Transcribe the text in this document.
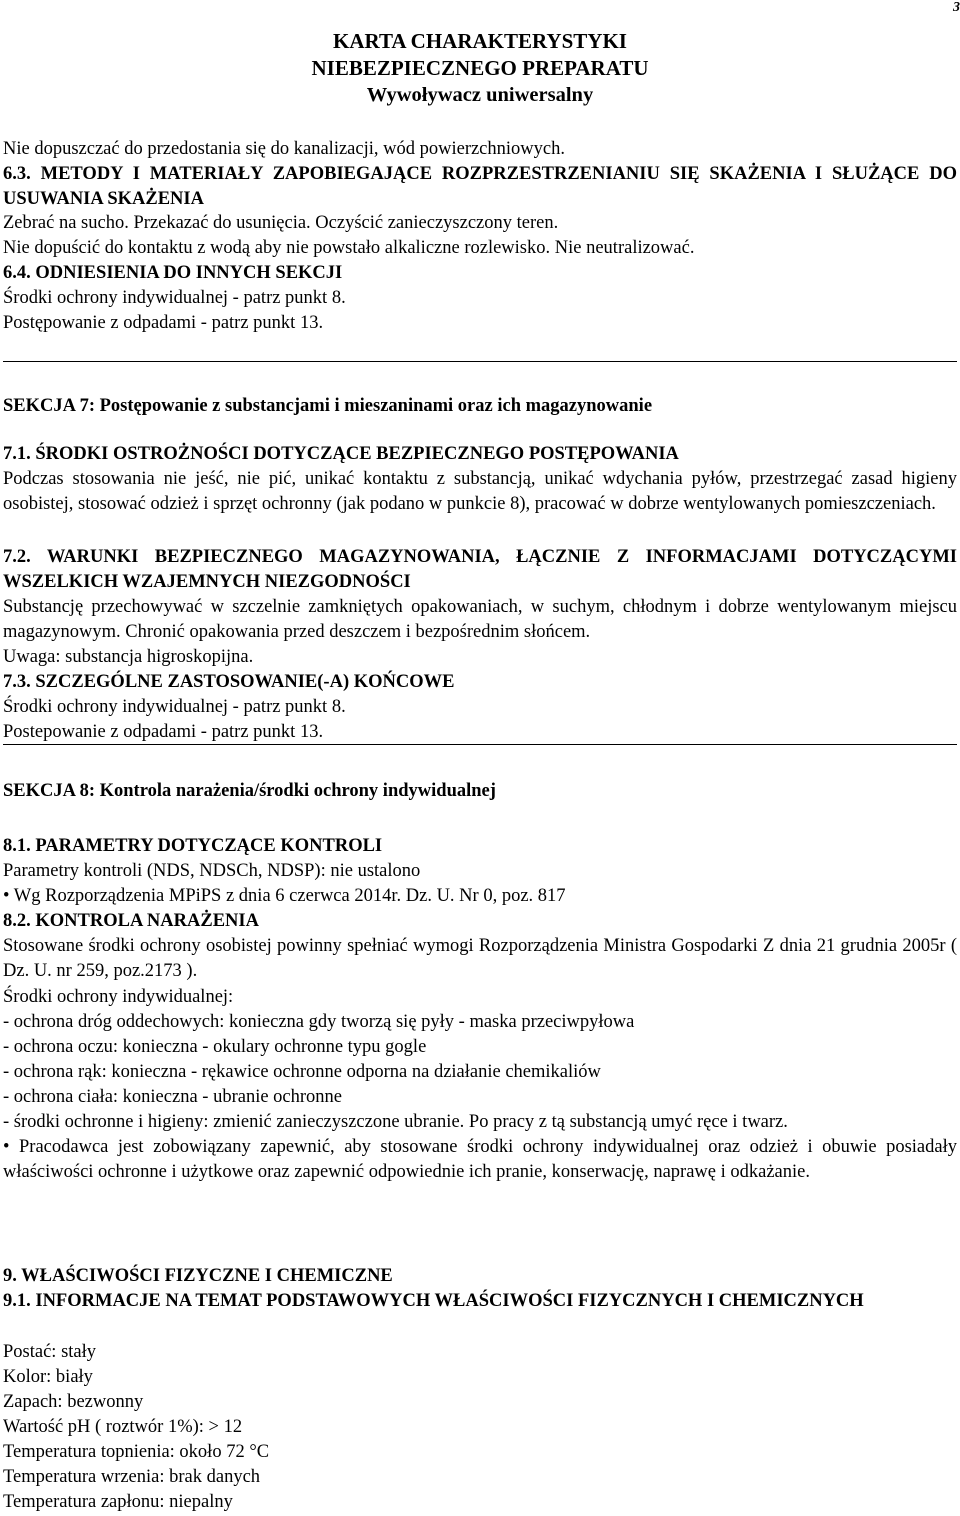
3
KARTA CHARAKTERYSTYKI
NIEBEZPIECZNEGO PREPARATU
Wywoływacz uniwersalny
Nie dopuszczać do przedostania się do kanalizacji, wód powierzchniowych.
6.3. METODY I MATERIAŁY ZAPOBIEGAJĄCE ROZPRZESTRZENIANIU SIĘ SKAŻENIA I SŁUŻĄCE DO USUWANIA SKAŻENIA
Zebrać na sucho. Przekazać do usunięcia. Oczyścić zanieczyszczony teren.
Nie dopuścić do kontaktu z wodą aby nie powstało alkaliczne rozlewisko. Nie neutralizować.
6.4. ODNIESIENIA DO INNYCH SEKCJI
Środki ochrony indywidualnej - patrz punkt 8.
Postępowanie z odpadami - patrz punkt 13.
SEKCJA 7: Postępowanie z substancjami i mieszaninami oraz ich magazynowanie
7.1. ŚRODKI OSTROŻNOŚCI DOTYCZĄCE BEZPIECZNEGO POSTĘPOWANIA
Podczas stosowania nie jeść, nie pić, unikać kontaktu z substancją, unikać wdychania pyłów, przestrzegać zasad higieny osobistej, stosować odzież i sprzęt ochronny (jak podano w punkcie 8), pracować w dobrze wentylowanych pomieszczeniach.
7.2. WARUNKI BEZPIECZNEGO MAGAZYNOWANIA, ŁĄCZNIE Z INFORMACJAMI DOTYCZĄCYMI WSZELKICH WZAJEMNYCH NIEZGODNOŚCI
Substancję przechowywać w szczelnie zamkniętych opakowaniach, w suchym, chłodnym i dobrze wentylowanym miejscu magazynowym. Chronić opakowania przed deszczem i bezpośrednim słońcem.
Uwaga: substancja higroskopijna.
7.3. SZCZEGÓLNE ZASTOSOWANIE(-A) KOŃCOWE
Środki ochrony indywidualnej - patrz punkt 8.
Postepowanie z odpadami - patrz punkt 13.
SEKCJA 8: Kontrola narażenia/środki ochrony indywidualnej
8.1. PARAMETRY DOTYCZĄCE KONTROLI
Parametry kontroli (NDS, NDSCh, NDSP): nie ustalono
• Wg Rozporządzenia MPiPS z dnia 6 czerwca 2014r. Dz. U. Nr 0, poz. 817
8.2. KONTROLA NARAŻENIA
Stosowane środki ochrony osobistej powinny spełniać wymogi Rozporządzenia Ministra Gospodarki Z dnia 21 grudnia 2005r ( Dz. U. nr 259, poz.2173 ).
Środki ochrony indywidualnej:
- ochrona dróg oddechowych: konieczna gdy tworzą się pyły - maska przeciwpyłowa
- ochrona oczu: konieczna - okulary ochronne typu gogle
- ochrona rąk: konieczna - rękawice ochronne odporna na działanie chemikaliów
- ochrona ciała: konieczna - ubranie ochronne
- środki ochronne i higieny: zmienić zanieczyszczone ubranie. Po pracy z tą substancją umyć ręce i twarz.
• Pracodawca jest zobowiązany zapewnić, aby stosowane środki ochrony indywidualnej oraz odzież i obuwie posiadały właściwości ochronne i użytkowe oraz zapewnić odpowiednie ich pranie, konserwację, naprawę i odkażanie.
9. WŁAŚCIWOŚCI FIZYCZNE I CHEMICZNE
9.1. INFORMACJE NA TEMAT PODSTAWOWYCH WŁAŚCIWOŚCI FIZYCZNYCH I CHEMICZNYCH
Postać: stały
Kolor: biały
Zapach: bezwonny
Wartość pH ( roztwór 1%): > 12
Temperatura topnienia: około 72 °C
Temperatura wrzenia: brak danych
Temperatura zapłonu: niepalny
